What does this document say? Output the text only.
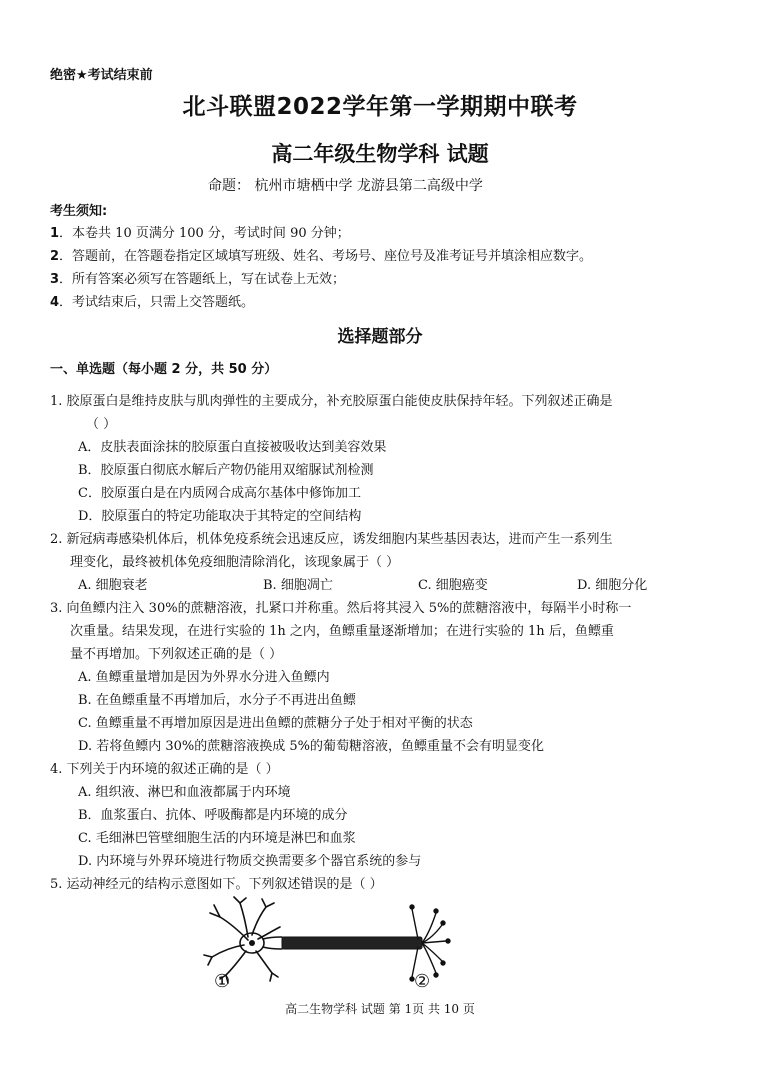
绝密★考试结束前
北斗联盟2022学年第一学期期中联考
高二年级生物学科 试题
命题： 杭州市塘栖中学 龙游县第二高级中学
考生须知:
1．本卷共 10 页满分 100 分，考试时间 90 分钟；
2．答题前，在答题卷指定区域填写班级、姓名、考场号、座位号及准考证号并填涂相应数字。
3．所有答案必须写在答题纸上，写在试卷上无效；
4．考试结束后，只需上交答题纸。
选择题部分
一、单选题（每小题 2 分，共 50 分）
1. 胶原蛋白是维持皮肤与肌肉弹性的主要成分，补充胶原蛋白能使皮肤保持年轻。下列叙述正确是
（ ）
A．皮肤表面涂抹的胶原蛋白直接被吸收达到美容效果
B．胶原蛋白彻底水解后产物仍能用双缩脲试剂检测
C．胶原蛋白是在内质网合成高尔基体中修饰加工
D．胶原蛋白的特定功能取决于其特定的空间结构
2. 新冠病毒感染机体后，机体免疫系统会迅速反应，诱发细胞内某些基因表达，进而产生一系列生
理变化，最终被机体免疫细胞清除消化，该现象属于（ ）
A. 细胞衰老	B. 细胞凋亡	C. 细胞癌变	D. 细胞分化
3. 向鱼鳔内注入 30%的蔗糖溶液，扎紧口并称重。然后将其浸入 5%的蔗糖溶液中，每隔半小时称一
次重量。结果发现，在进行实验的 1h 之内，鱼鳔重量逐渐增加；在进行实验的 1h 后，鱼鳔重
量不再增加。下列叙述正确的是（ ）
A. 鱼鳔重量增加是因为外界水分进入鱼鳔内
B. 在鱼鳔重量不再增加后，水分子不再进出鱼鳔
C. 鱼鳔重量不再增加原因是进出鱼鳔的蔗糖分子处于相对平衡的状态
D. 若将鱼鳔内 30%的蔗糖溶液换成 5%的葡萄糖溶液，鱼鳔重量不会有明显变化
4. 下列关于内环境的叙述正确的是（ ）
A. 组织液、淋巴和血液都属于内环境
B．血浆蛋白、抗体、呼吸酶都是内环境的成分
C. 毛细淋巴管壁细胞生活的内环境是淋巴和血浆
D. 内环境与外界环境进行物质交换需要多个器官系统的参与
5. 运动神经元的结构示意图如下。下列叙述错误的是（ ）
①	②
高二生物学科 试题 第 1页 共 10 页
